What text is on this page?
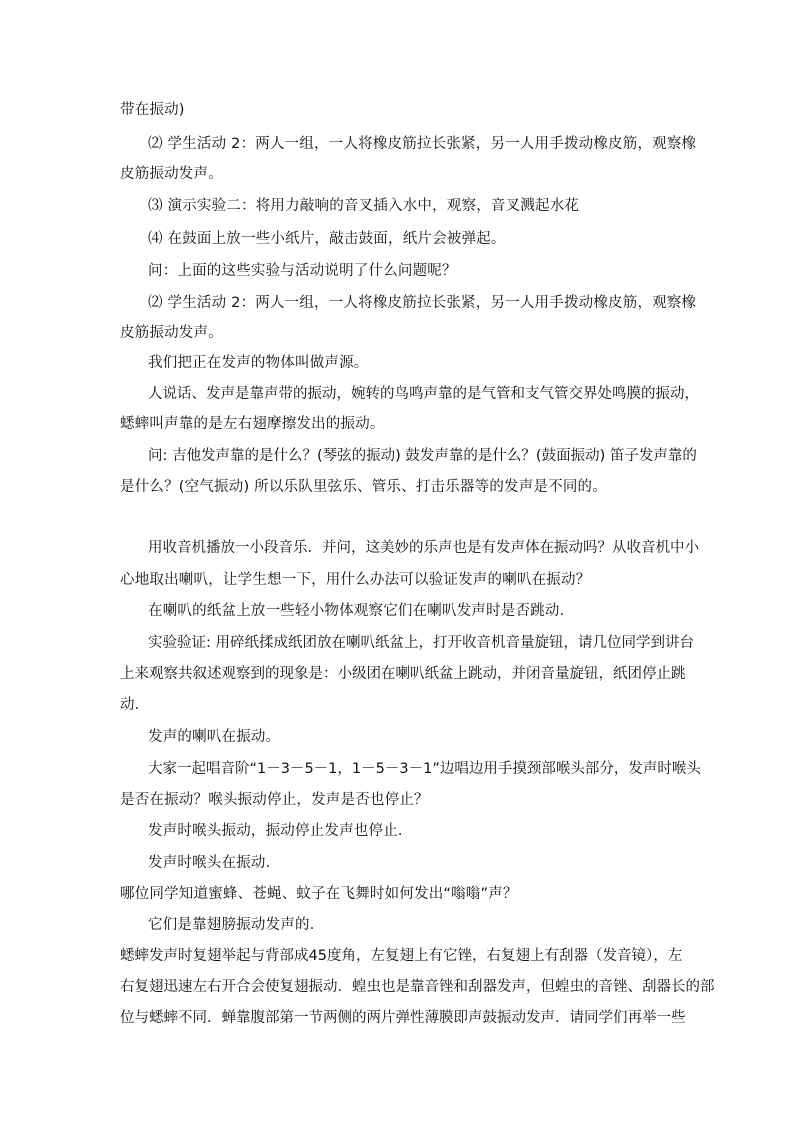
带在振动)
⑵ 学生活动 2：两人一组，一人将橡皮筋拉长张紧，另一人用手拨动橡皮筋，观察橡
皮筋振动发声。
⑶ 演示实验二：将用力敲响的音叉插入水中，观察，音叉溅起水花
⑷ 在鼓面上放一些小纸片，敲击鼓面，纸片会被弹起。
问：上面的这些实验与活动说明了什么问题呢？
⑵ 学生活动 2：两人一组，一人将橡皮筋拉长张紧，另一人用手拨动橡皮筋，观察橡
皮筋振动发声。
我们把正在发声的物体叫做声源。
人说话、发声是靠声带的振动，婉转的鸟鸣声靠的是气管和支气管交界处鸣膜的振动，
蟋蟀叫声靠的是左右翅摩擦发出的振动。
问: 吉他发声靠的是什么？(琴弦的振动) 鼓发声靠的是什么？(鼓面振动) 笛子发声靠的
是什么？(空气振动) 所以乐队里弦乐、管乐、打击乐器等的发声是不同的。
用收音机播放一小段音乐．并问，这美妙的乐声也是有发声体在振动吗？从收音机中小
心地取出喇叭，让学生想一下，用什么办法可以验证发声的喇叭在振动？
在喇叭的纸盆上放一些轻小物体观察它们在喇叭发声时是否跳动．
实验验证: 用碎纸揉成纸团放在喇叭纸盆上，打开收音机音量旋钮，请几位同学到讲台
上来观察共叙述观察到的现象是：小级团在喇叭纸盆上跳动，并闭音量旋钮，纸团停止跳
动．
发声的喇叭在振动。
大家一起唱音阶“1－3－5－1，1－5－3－1”边唱边用手摸颈部喉头部分，发声时喉头
是否在振动？喉头振动停止，发声是否也停止？
发声时喉头振动，振动停止发声也停止．
发声时喉头在振动．
哪位同学知道蜜蜂、苍蝇、蚊子在飞舞时如何发出“嗡嗡”声？
它们是靠翅膀振动发声的．
蟋蟀发声时复翅举起与背部成45度角，左复翅上有它锉，右复翅上有刮器（发音镜），左
右复翅迅速左右开合会使复翅振动．蝗虫也是靠音锉和刮器发声，但蝗虫的音锉、刮器长的部
位与蟋蟀不同．蝉靠腹部第一节两侧的两片弹性薄膜即声鼓振动发声．请同学们再举一些
